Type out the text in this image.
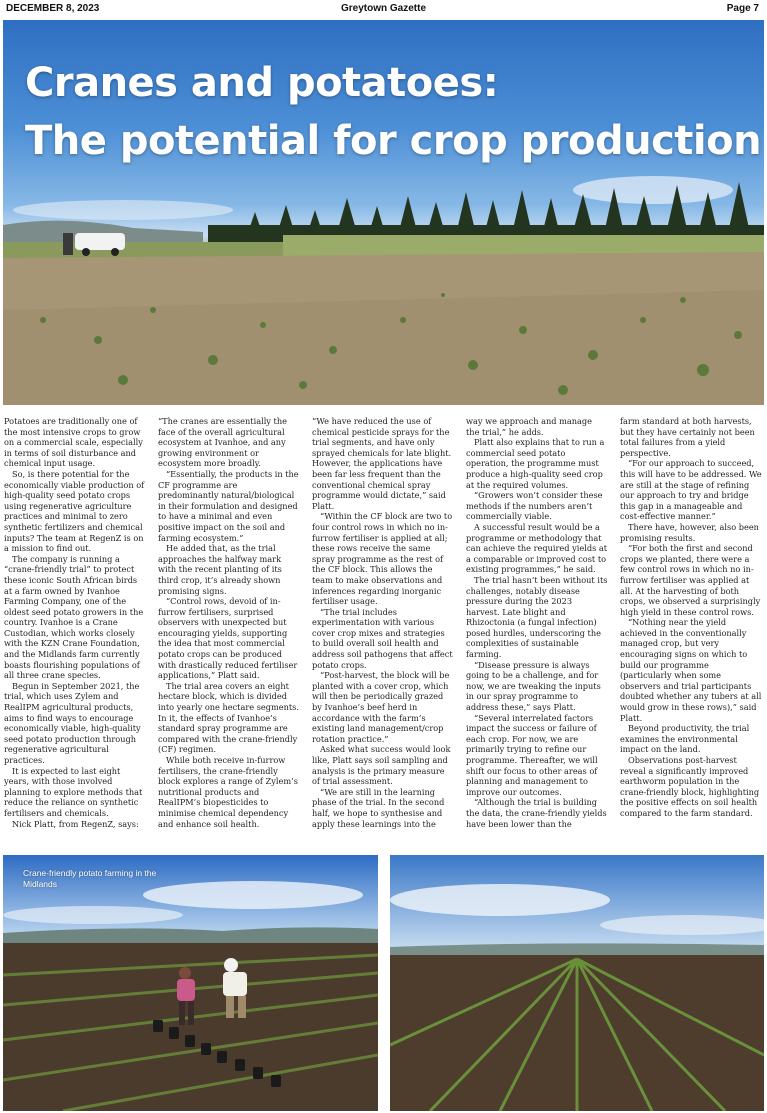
DECEMBER 8, 2023	Greytown Gazette	Page 7
Cranes and potatoes:
The potential for crop production

Potatoes are traditionally one of the most intensive crops to grow on a commercial scale, especially in terms of soil disturbance and chemical input usage.

So, is there potential for the economically viable production of high-quality seed potato crops using regenerative agriculture practices and minimal to zero synthetic fertilizers and chemical inputs? The team at RegenZ is on a mission to find out.

The company is running a “crane-friendly trial” to protect these iconic South African birds at a farm owned by Ivanhoe Farming Company, one of the oldest seed potato growers in the country. Ivanhoe is a Crane Custodian, which works closely with the KZN Crane Foundation, and the Midlands farm currently boasts flourishing populations of all three crane species.

Begun in September 2021, the trial, which uses Zylem and RealIPM agricultural products, aims to find ways to encourage economically viable, high-quality seed potato production through regenerative agricultural practices.

It is expected to last eight years, with those involved planning to explore methods that reduce the reliance on synthetic fertilisers and chemicals.

Nick Platt, from RegenZ, says:

“The cranes are essentially the face of the overall agricultural ecosystem at Ivanhoe, and any growing environment or ecosystem more broadly.

“Essentially, the products in the CF programme are predominantly natural/biological in their formulation and designed to have a minimal and even positive impact on the soil and farming ecosystem.”

He added that, as the trial approaches the halfway mark with the recent planting of its third crop, it’s already shown promising signs.

“Control rows, devoid of in-furrow fertilisers, surprised observers with unexpected but encouraging yields, supporting the idea that most commercial potato crops can be produced with drastically reduced fertiliser applications,” Platt said.

The trial area covers an eight hectare block, which is divided into yearly one hectare segments. In it, the effects of Ivanhoe’s standard spray programme are compared with the crane-friendly (CF) regimen.

While both receive in-furrow fertilisers, the crane-friendly block explores a range of Zylem’s nutritional products and RealIPM’s biopesticides to minimise chemical dependency and enhance soil health.

“We have reduced the use of chemical pesticide sprays for the trial segments, and have only sprayed chemicals for late blight. However, the applications have been far less frequent than the conventional chemical spray programme would dictate,” said Platt.

“Within the CF block are two to four control rows in which no in-furrow fertiliser is applied at all; these rows receive the same spray programme as the rest of the CF block. This allows the team to make observations and inferences regarding inorganic fertiliser usage.

“The trial includes experimentation with various cover crop mixes and strategies to build overall soil health and address soil pathogens that affect potato crops.

“Post-harvest, the block will be planted with a cover crop, which will then be periodically grazed by Ivanhoe’s beef herd in accordance with the farm’s existing land management/crop rotation practice.”

Asked what success would look like, Platt says soil sampling and analysis is the primary measure of trial assessment.

“We are still in the learning phase of the trial. In the second half, we hope to synthesise and apply these learnings into the

way we approach and manage the trial,” he adds.

Platt also explains that to run a commercial seed potato operation, the programme must produce a high-quality seed crop at the required volumes.

“Growers won’t consider these methods if the numbers aren’t commercially viable.

A successful result would be a programme or methodology that can achieve the required yields at a comparable or improved cost to existing programmes,” he said.

The trial hasn’t been without its challenges, notably disease pressure during the 2023 harvest. Late blight and Rhizoctonia (a fungal infection) posed hurdles, underscoring the complexities of sustainable farming.

“Disease pressure is always going to be a challenge, and for now, we are tweaking the inputs in our spray programme to address these,” says Platt.

“Several interrelated factors impact the success or failure of each crop. For now, we are primarily trying to refine our programme. Thereafter, we will shift our focus to other areas of planning and management to improve our outcomes.

“Although the trial is building the data, the crane-friendly yields have been lower than the

farm standard at both harvests, but they have certainly not been total failures from a yield perspective.

“For our approach to succeed, this will have to be addressed. We are still at the stage of refining our approach to try and bridge this gap in a manageable and cost-effective manner.”

There have, however, also been promising results.

“For both the first and second crops we planted, there were a few control rows in which no in-furrow fertiliser was applied at all. At the harvesting of both crops, we observed a surprisingly high yield in these control rows.

“Nothing near the yield achieved in the conventionally managed crop, but very encouraging signs on which to build our programme (particularly when some observers and trial participants doubted whether any tubers at all would grow in these rows),” said Platt.

Beyond productivity, the trial examines the environmental impact on the land.

Observations post-harvest reveal a significantly improved earthworm population in the crane-friendly block, highlighting the positive effects on soil health compared to the farm standard.

Crane-friendly potato farming in the Midlands
